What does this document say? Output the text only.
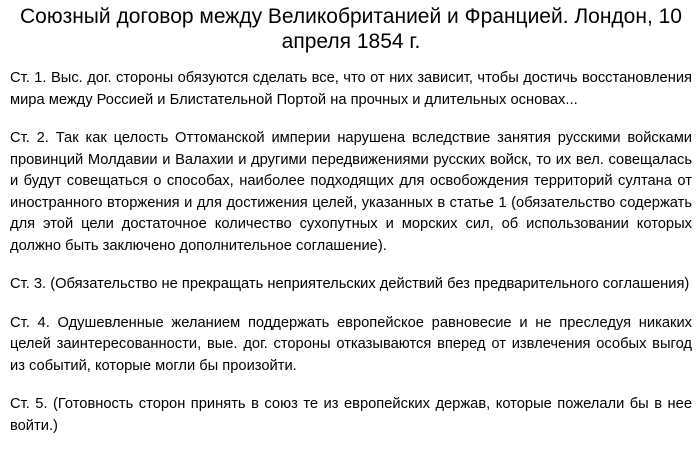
Союзный договор между Великобританией и Францией. Лондон, 10 апреля 1854 г.

Ст. 1. Выс. дог. стороны обязуются сделать все, что от них зависит, чтобы достичь восстановления мира между Россией и Блистательной Портой на прочных и длительных основах...

Ст. 2. Так как целость Оттоманской империи нарушена вследствие занятия русскими войсками провинций Молдавии и Валахии и другими передвижениями русских войск, то их вел. совещалась и будут совещаться о способах, наиболее подходящих для освобождения территорий султана от иностранного вторжения и для достижения целей, указанных в статье 1 (обязательство содержать для этой цели достаточное количество сухопутных и морских сил, об использовании которых должно быть заключено дополнительное соглашение).

Ст. 3. (Обязательство не прекращать неприятельских действий без предварительного соглашения)

Ст. 4. Одушевленные желанием поддержать европейское равновесие и не преследуя никаких целей заинтересованности, вые. дог. стороны отказываются вперед от извлечения особых выгод из событий, которые могли бы произойти.

Ст. 5. (Готовность сторон принять в союз те из европейских держав, которые пожелали бы в нее войти.)
